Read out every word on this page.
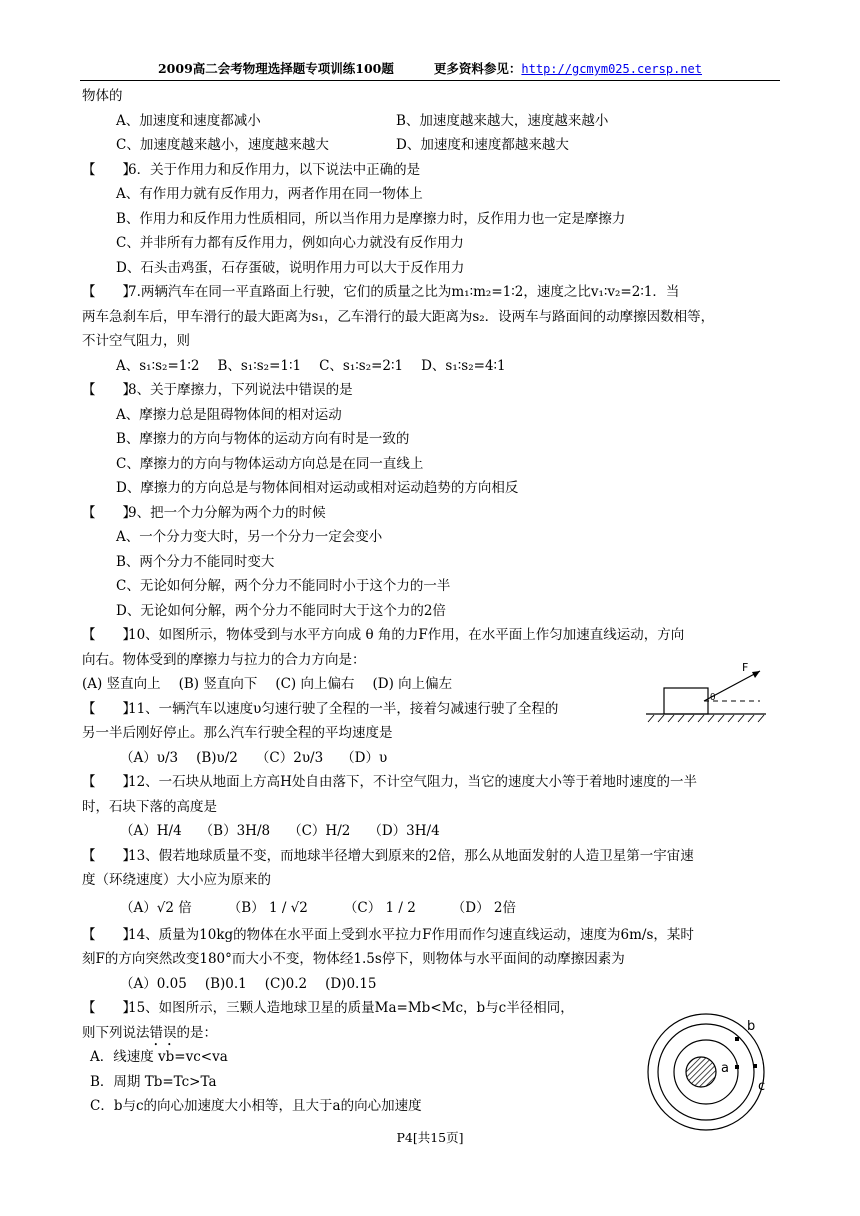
2009高二会考物理选择题专项训练100题	更多资料参见：http://gcmym025.cersp.net
物体的
A、加速度和速度都减小	B、加速度越来越大，速度越来越小
C、加速度越来越小，速度越来越大	D、加速度和速度都越来越大
【　　】6．关于作用力和反作用力，以下说法中正确的是
A、有作用力就有反作用力，两者作用在同一物体上
B、作用力和反作用力性质相同，所以当作用力是摩擦力时，反作用力也一定是摩擦力
C、并非所有力都有反作用力，例如向心力就没有反作用力
D、石头击鸡蛋，石存蛋破，说明作用力可以大于反作用力
【　　】7.两辆汽车在同一平直路面上行驶，它们的质量之比为m₁∶m₂=1∶2，速度之比v₁∶v₂=2∶1．当
两车急刹车后，甲车滑行的最大距离为s₁，乙车滑行的最大距离为s₂．设两车与路面间的动摩擦因数相等，
不计空气阻力，则
A、s₁∶s₂=1∶2 B、s₁∶s₂=1∶1 C、s₁∶s₂=2∶1 D、s₁∶s₂=4∶1
【　　】8、关于摩擦力，下列说法中错误的是
A、摩擦力总是阻碍物体间的相对运动
B、摩擦力的方向与物体的运动方向有时是一致的
C、摩擦力的方向与物体运动方向总是在同一直线上
D、摩擦力的方向总是与物体间相对运动或相对运动趋势的方向相反
【　　】9、把一个力分解为两个力的时候
A、一个分力变大时，另一个分力一定会变小
B、两个分力不能同时变大
C、无论如何分解，两个分力不能同时小于这个力的一半
D、无论如何分解，两个分力不能同时大于这个力的2倍
【　　】10、如图所示，物体受到与水平方向成 θ 角的力F作用，在水平面上作匀加速直线运动，方向
向右。物体受到的摩擦力与拉力的合力方向是：
(A) 竖直向上 (B) 竖直向下 (C) 向上偏右 (D) 向上偏左
【　　】11、一辆汽车以速度υ匀速行驶了全程的一半，接着匀减速行驶了全程的
另一半后刚好停止。那么汽车行驶全程的平均速度是
（A）υ/3 (B)υ/2 （C）2υ/3 （D）υ
【　　】12、一石块从地面上方高H处自由落下，不计空气阻力，当它的速度大小等于着地时速度的一半
时，石块下落的高度是
（A）H/4 （B）3H/8 （C）H/2 （D）3H/4
【　　】13、假若地球质量不变，而地球半径增大到原来的2倍，那么从地面发射的人造卫星第一宇宙速
度（环绕速度）大小应为原来的
（A）√2 倍	（B） 1 / √2	（C） 1 / 2	（D） 2倍
【　　】14、质量为10kg的物体在水平面上受到水平拉力F作用而作匀速直线运动，速度为6m/s，某时
刻F的方向突然改变180°而大小不变，物体经1.5s停下，则物体与水平面间的动摩擦因素为
（A）0.05 (B)0.1 (C)0.2 (D)0.15
【　　】15、如图所示，三颗人造地球卫星的质量Ma=Mb<Mc，b与c半径相同，
则下列说法错误的是：
A．线速度 vb=vc<va
B．周期 Tb=Tc>Ta
C．b与c的向心加速度大小相等，且大于a的向心加速度
F
θ
b
c
a
P4[共15页]
